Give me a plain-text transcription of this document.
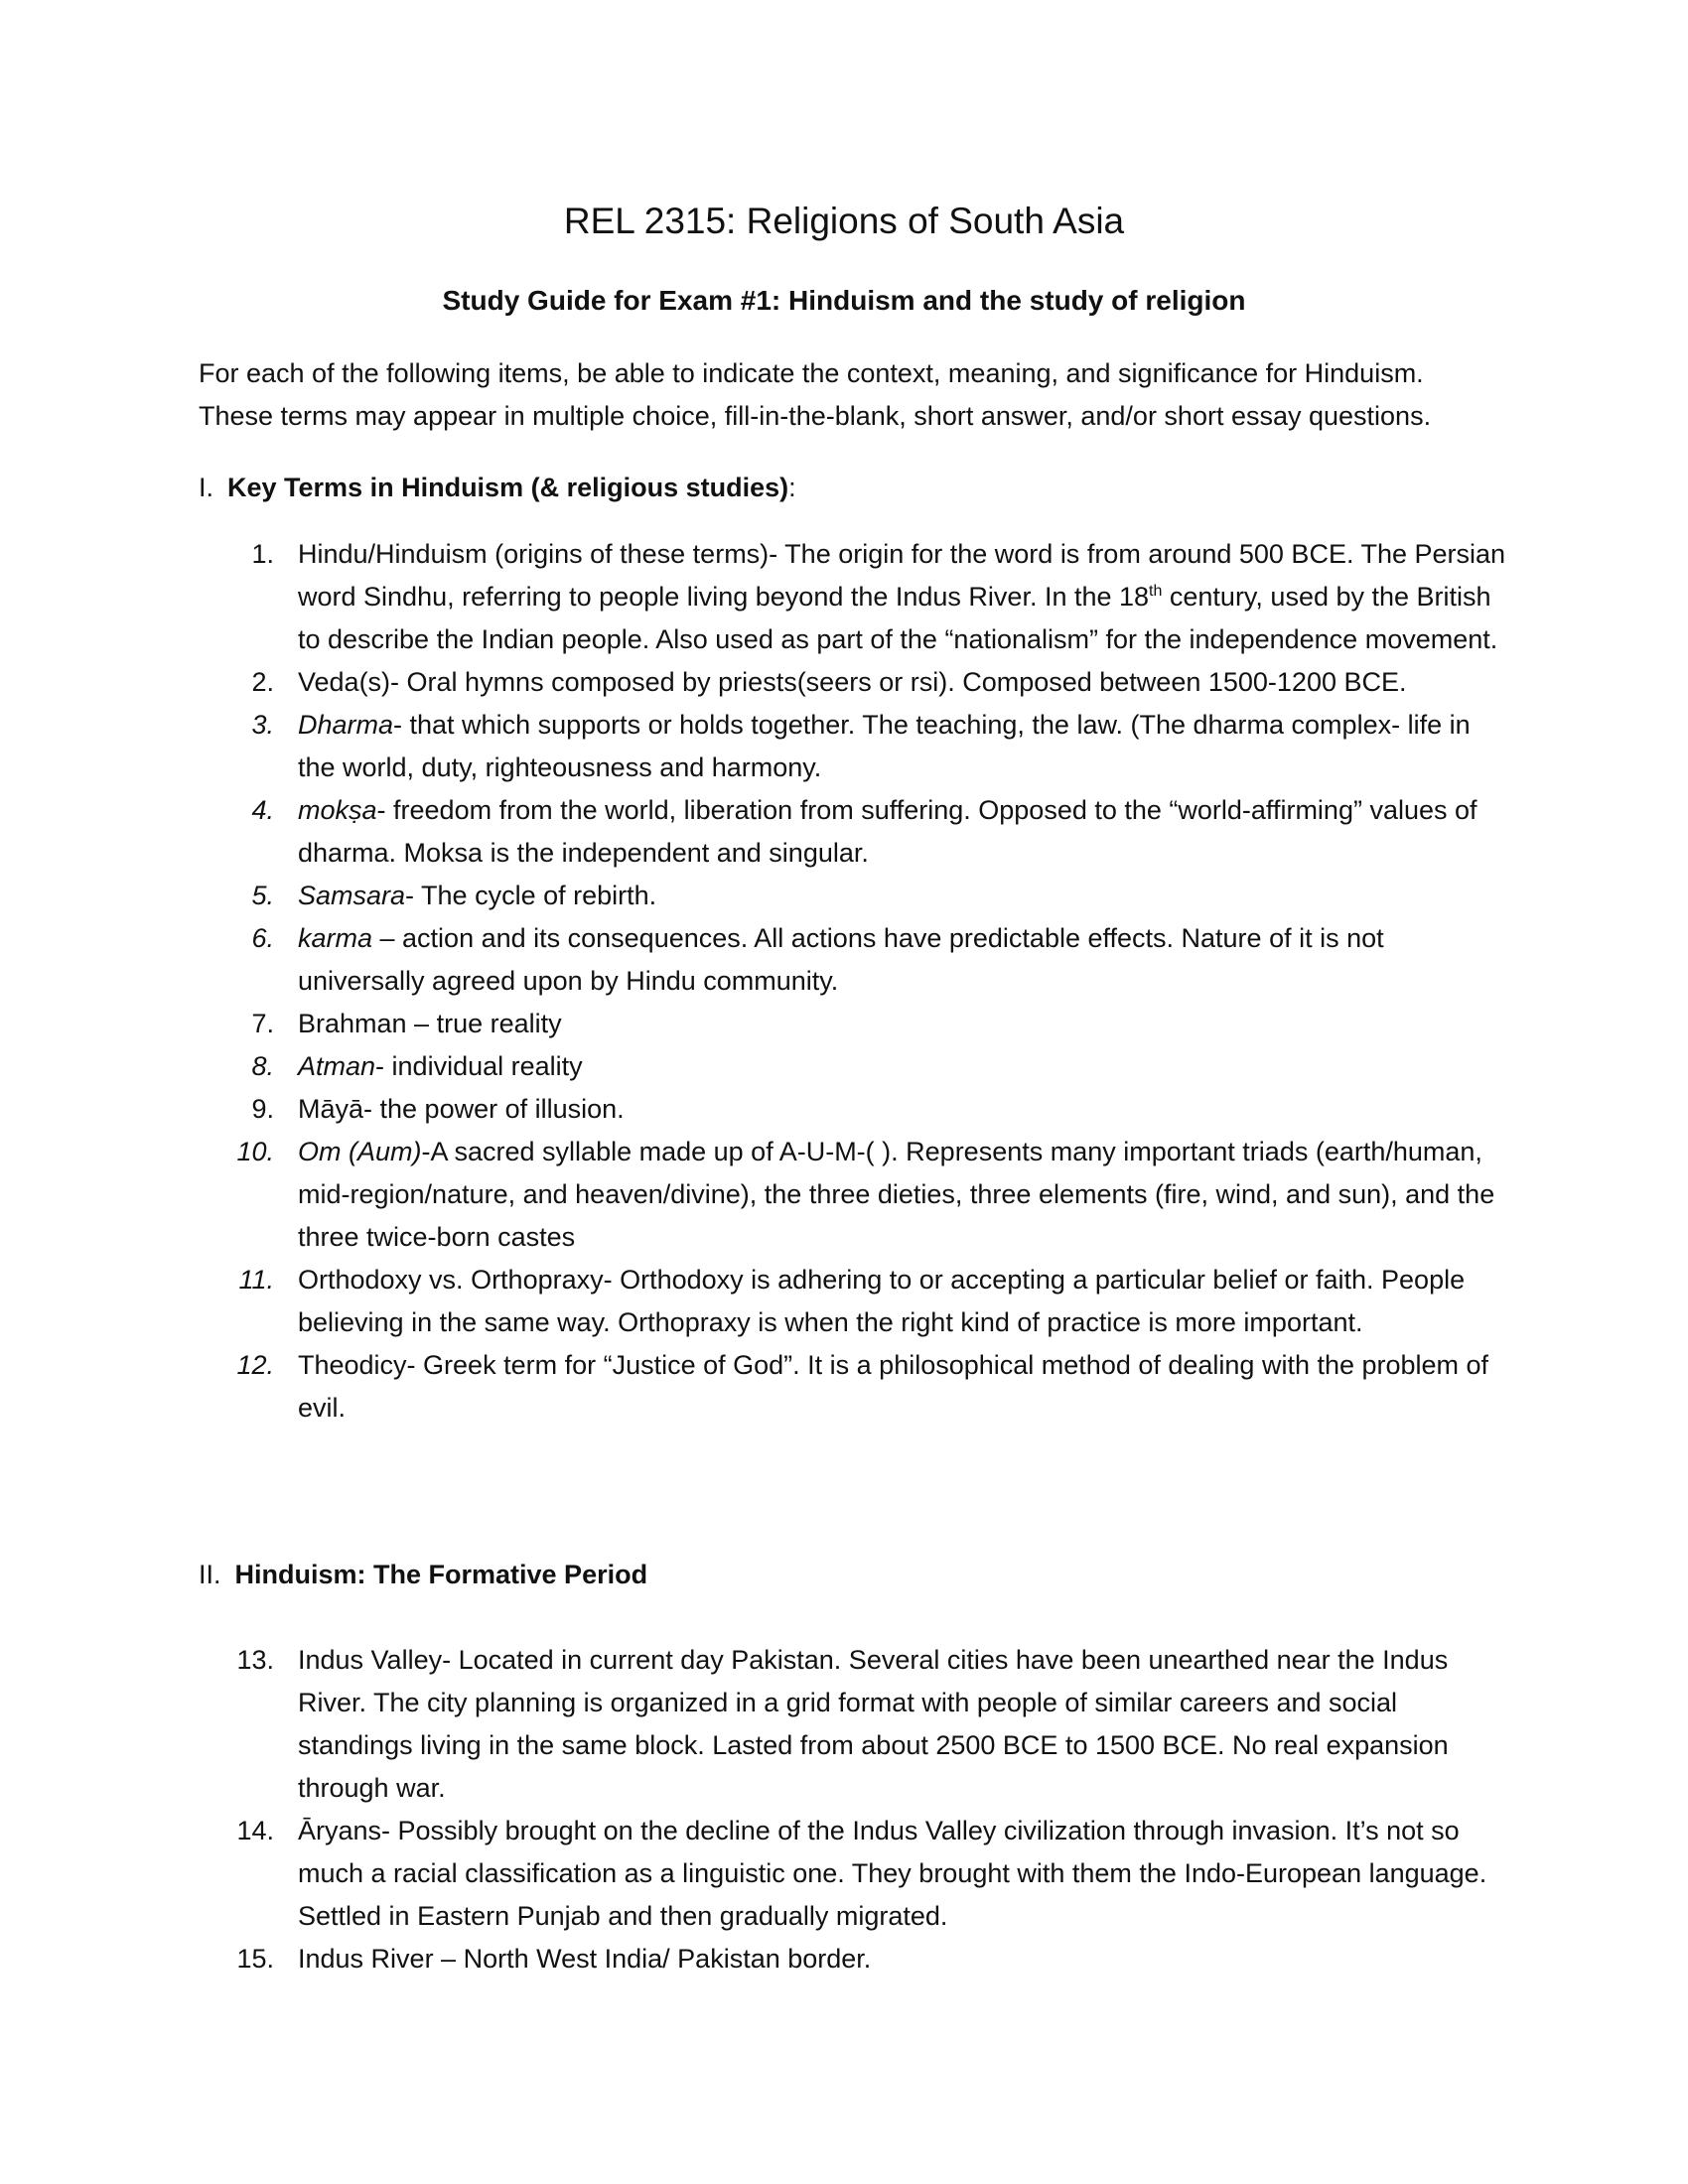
REL 2315: Religions of South Asia
Study Guide for Exam #1: Hinduism and the study of religion

For each of the following items, be able to indicate the context, meaning, and significance for Hinduism.

These terms may appear in multiple choice, fill-in-the-blank, short answer, and/or short essay questions.

I. Key Terms in Hinduism (& religious studies):
1. Hindu/Hinduism (origins of these terms)- The origin for the word is from around 500 BCE. The Persian word Sindhu, referring to people living beyond the Indus River. In the 18th century, used by the British to describe the Indian people. Also used as part of the “nationalism” for the independence movement.
2. Veda(s)- Oral hymns composed by priests(seers or rsi). Composed between 1500-1200 BCE.
3. Dharma- that which supports or holds together. The teaching, the law. (The dharma complex- life in the world, duty, righteousness and harmony.
4. mokṣa- freedom from the world, liberation from suffering. Opposed to the “world-affirming” values of dharma. Moksa is the independent and singular.
5. Samsara- The cycle of rebirth.
6. karma – action and its consequences. All actions have predictable effects. Nature of it is not universally agreed upon by Hindu community.
7. Brahman – true reality
8. Atman- individual reality
9. Māyā- the power of illusion.
10. Om (Aum)-A sacred syllable made up of A-U-M-( ). Represents many important triads (earth/human, mid-region/nature, and heaven/divine), the three dieties, three elements (fire, wind, and sun), and the three twice-born castes
11. Orthodoxy vs. Orthopraxy- Orthodoxy is adhering to or accepting a particular belief or faith. People believing in the same way. Orthopraxy is when the right kind of practice is more important.
12. Theodicy- Greek term for “Justice of God”. It is a philosophical method of dealing with the problem of evil.
II. Hinduism: The Formative Period
13. Indus Valley- Located in current day Pakistan. Several cities have been unearthed near the Indus River. The city planning is organized in a grid format with people of similar careers and social standings living in the same block. Lasted from about 2500 BCE to 1500 BCE. No real expansion through war.
14. Āryans- Possibly brought on the decline of the Indus Valley civilization through invasion. It’s not so much a racial classification as a linguistic one. They brought with them the Indo-European language. Settled in Eastern Punjab and then gradually migrated.
15. Indus River – North West India/ Pakistan border.
